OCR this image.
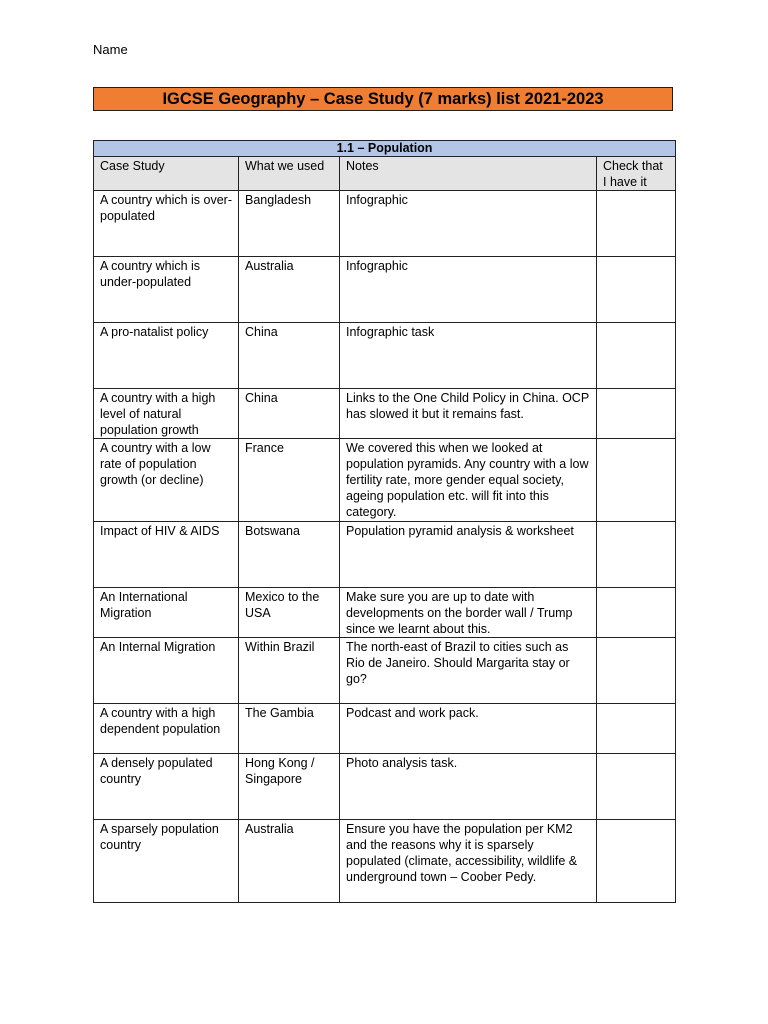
Name
IGCSE Geography – Case Study (7 marks) list 2021-2023
1.1 – Population			
Case Study	What we used	Notes	Check that I have it
A country which is over-populated	Bangladesh	Infographic	
A country which is under-populated	Australia	Infographic	
A pro-natalist policy	China	Infographic task	
A country with a high level of natural population growth	China	Links to the One Child Policy in China. OCP has slowed it but it remains fast.	
A country with a low rate of population growth (or decline)	France	We covered this when we looked at population pyramids. Any country with a low fertility rate, more gender equal society, ageing population etc. will fit into this category.	
Impact of HIV & AIDS	Botswana	Population pyramid analysis & worksheet	
An International Migration	Mexico to the USA	Make sure you are up to date with developments on the border wall / Trump since we learnt about this.	
An Internal Migration	Within Brazil	The north-east of Brazil to cities such as Rio de Janeiro. Should Margarita stay or go?	
A country with a high dependent population	The Gambia	Podcast and work pack.	
A densely populated country	Hong Kong / Singapore	Photo analysis task.	
A sparsely population country	Australia	Ensure you have the population per KM2 and the reasons why it is sparsely populated (climate, accessibility, wildlife & underground town – Coober Pedy.	
